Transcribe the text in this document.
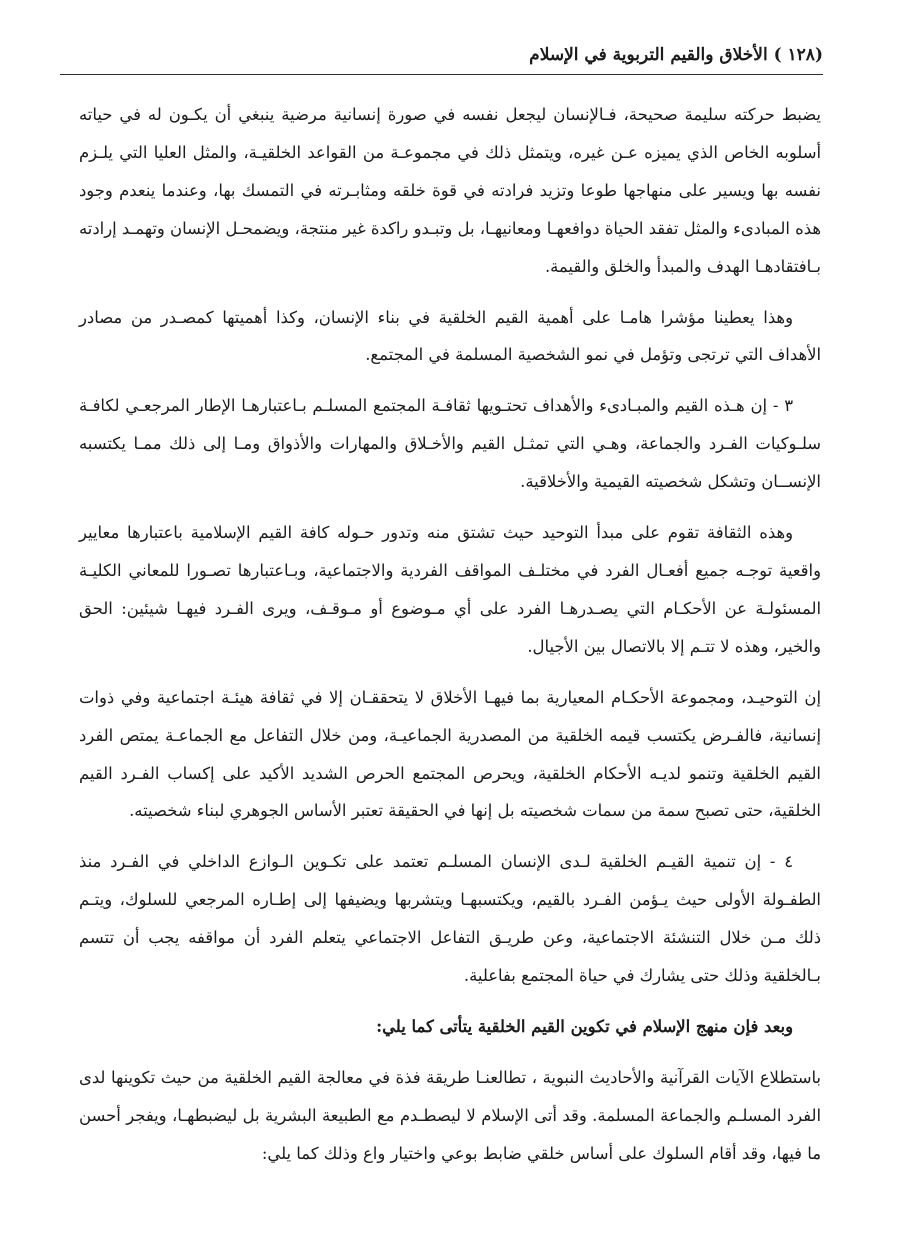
(١٢٨ ) الأخلاق والقيم التربوية في الإسلام

يضبط حركته سليمة صحيحة، فـالإنسان ليجعل نفسه في صورة إنسانية مرضية ينبغي أن يكـون له في حياته أسلوبه الخاص الذي يميزه عـن غيره، ويتمثل ذلك في مجموعـة من القواعد الخلقيـة، والمثل العليا التي يلـزم نفسه بها ويسير على منهاجها طوعا وتزيد فرادته في قوة خلقه ومثابـرته في التمسك بها، وعندما ينعدم وجود هذه المبادىء والمثل تفقد الحياة دوافعهـا ومعانيهـا، بل وتبـدو راكدة غير منتجة، ويضمحـل الإنسان وتهمـد إرادته بـافتقادهـا الهدف والمبدأ والخلق والقيمة.

وهذا يعطينا مؤشرا هامـا على أهمية القيم الخلقية في بناء الإنسان، وكذا أهميتها كمصـدر من مصادر الأهداف التي ترتجى وتؤمل في نمو الشخصية المسلمة في المجتمع.

٣ - إن هـذه القيم والمبـادىء والأهداف تحتـويها ثقافـة المجتمع المسلـم بـاعتبارهـا الإطار المرجعـي لكافـة سلـوكيات الفـرد والجماعة، وهـي التي تمثـل القيم والأخـلاق والمهارات والأذواق ومـا إلى ذلك ممـا يكتسبه الإنســان وتشكل شخصيته القيمية والأخلاقية.

وهذه الثقافة تقوم على مبدأ التوحيد حيث تشتق منه وتدور حـوله كافة القيم الإسلامية باعتبارها معايير واقعية توجـه جميع أفعـال الفرد في مختلـف المواقف الفردية والاجتماعية، وبـاعتبارها تصـورا للمعاني الكليـة المسئولـة عن الأحكـام التي يصـدرهـا الفرد على أي مـوضوع أو مـوقـف، ويرى الفـرد فيهـا شيئين: الحق والخير، وهذه لا تتـم إلا بالاتصال بين الأجيال.

إن التوحيـد، ومجموعة الأحكـام المعيارية بما فيهـا الأخلاق لا يتحققـان إلا في ثقافة هيئـة اجتماعية وفي ذوات إنسانية، فالفـرض يكتسب قيمه الخلقية من المصدرية الجماعيـة، ومن خلال التفاعل مع الجماعـة يمتص الفرد القيم الخلقية وتنمو لديـه الأحكام الخلقية، ويحرص المجتمع الحرص الشديد الأكيد على إكساب الفـرد القيم الخلقية، حتى تصبح سمة من سمات شخصيته بل إنها في الحقيقة تعتبر الأساس الجوهري لبناء شخصيته.

٤ - إن تنمية القيـم الخلقية لـدى الإنسان المسلـم تعتمد على تكـوين الـوازع الداخلي في الفـرد منذ الطفـولة الأولى حيث يـؤمن الفـرد بالقيم، ويكتسبهـا ويتشربها ويضيفها إلى إطـاره المرجعي للسلوك، ويتـم ذلك مـن خلال التنشئة الاجتماعية، وعن طريـق التفاعل الاجتماعي يتعلم الفرد أن مواقفه يجب أن تتسم بـالخلقية وذلك حتى يشارك في حياة المجتمع بفاعلية.

وبعد فإن منهج الإسلام في تكوين القيم الخلقية يتأتى كما يلي:

باستطلاع الآيات القرآنية والأحاديث النبوية ، تطالعنـا طريقة فذة في معالجة القيم الخلقية من حيث تكوينها لدى الفرد المسلـم والجماعة المسلمة. وقد أتى الإسلام لا ليصطـدم مع الطبيعة البشرية بل ليضبطهـا، ويفجر أحسن ما فيها، وقد أقام السلوك على أساس خلقي ضابط بوعي واختيار واع وذلك كما يلي:
